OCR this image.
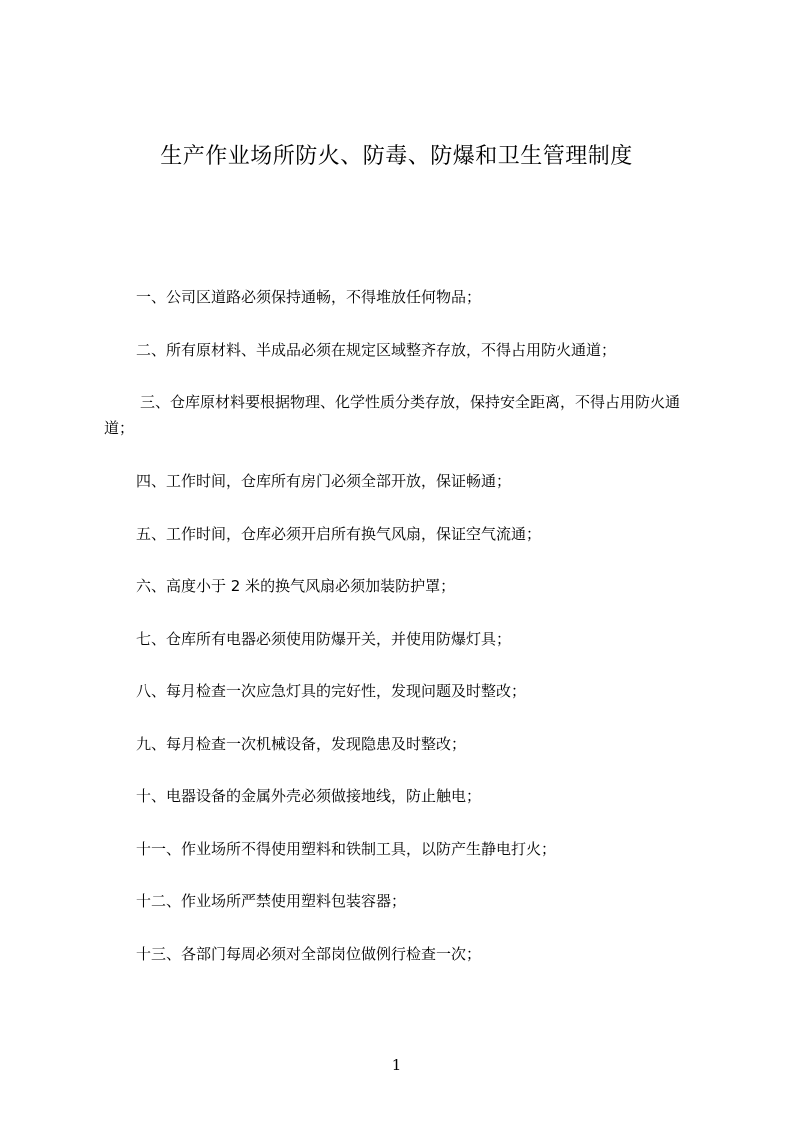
生产作业场所防火、防毒、防爆和卫生管理制度
一、公司区道路必须保持通畅，不得堆放任何物品；
二、所有原材料、半成品必须在规定区域整齐存放，不得占用防火通道；
三、仓库原材料要根据物理、化学性质分类存放，保持安全距离，不得占用防火通道；
四、工作时间，仓库所有房门必须全部开放，保证畅通；
五、工作时间，仓库必须开启所有换气风扇，保证空气流通；
六、高度小于 2 米的换气风扇必须加装防护罩；
七、仓库所有电器必须使用防爆开关，并使用防爆灯具；
八、每月检查一次应急灯具的完好性，发现问题及时整改；
九、每月检查一次机械设备，发现隐患及时整改；
十、电器设备的金属外壳必须做接地线，防止触电；
十一、作业场所不得使用塑料和铁制工具，以防产生静电打火；
十二、作业场所严禁使用塑料包装容器；
十三、各部门每周必须对全部岗位做例行检查一次；
1
